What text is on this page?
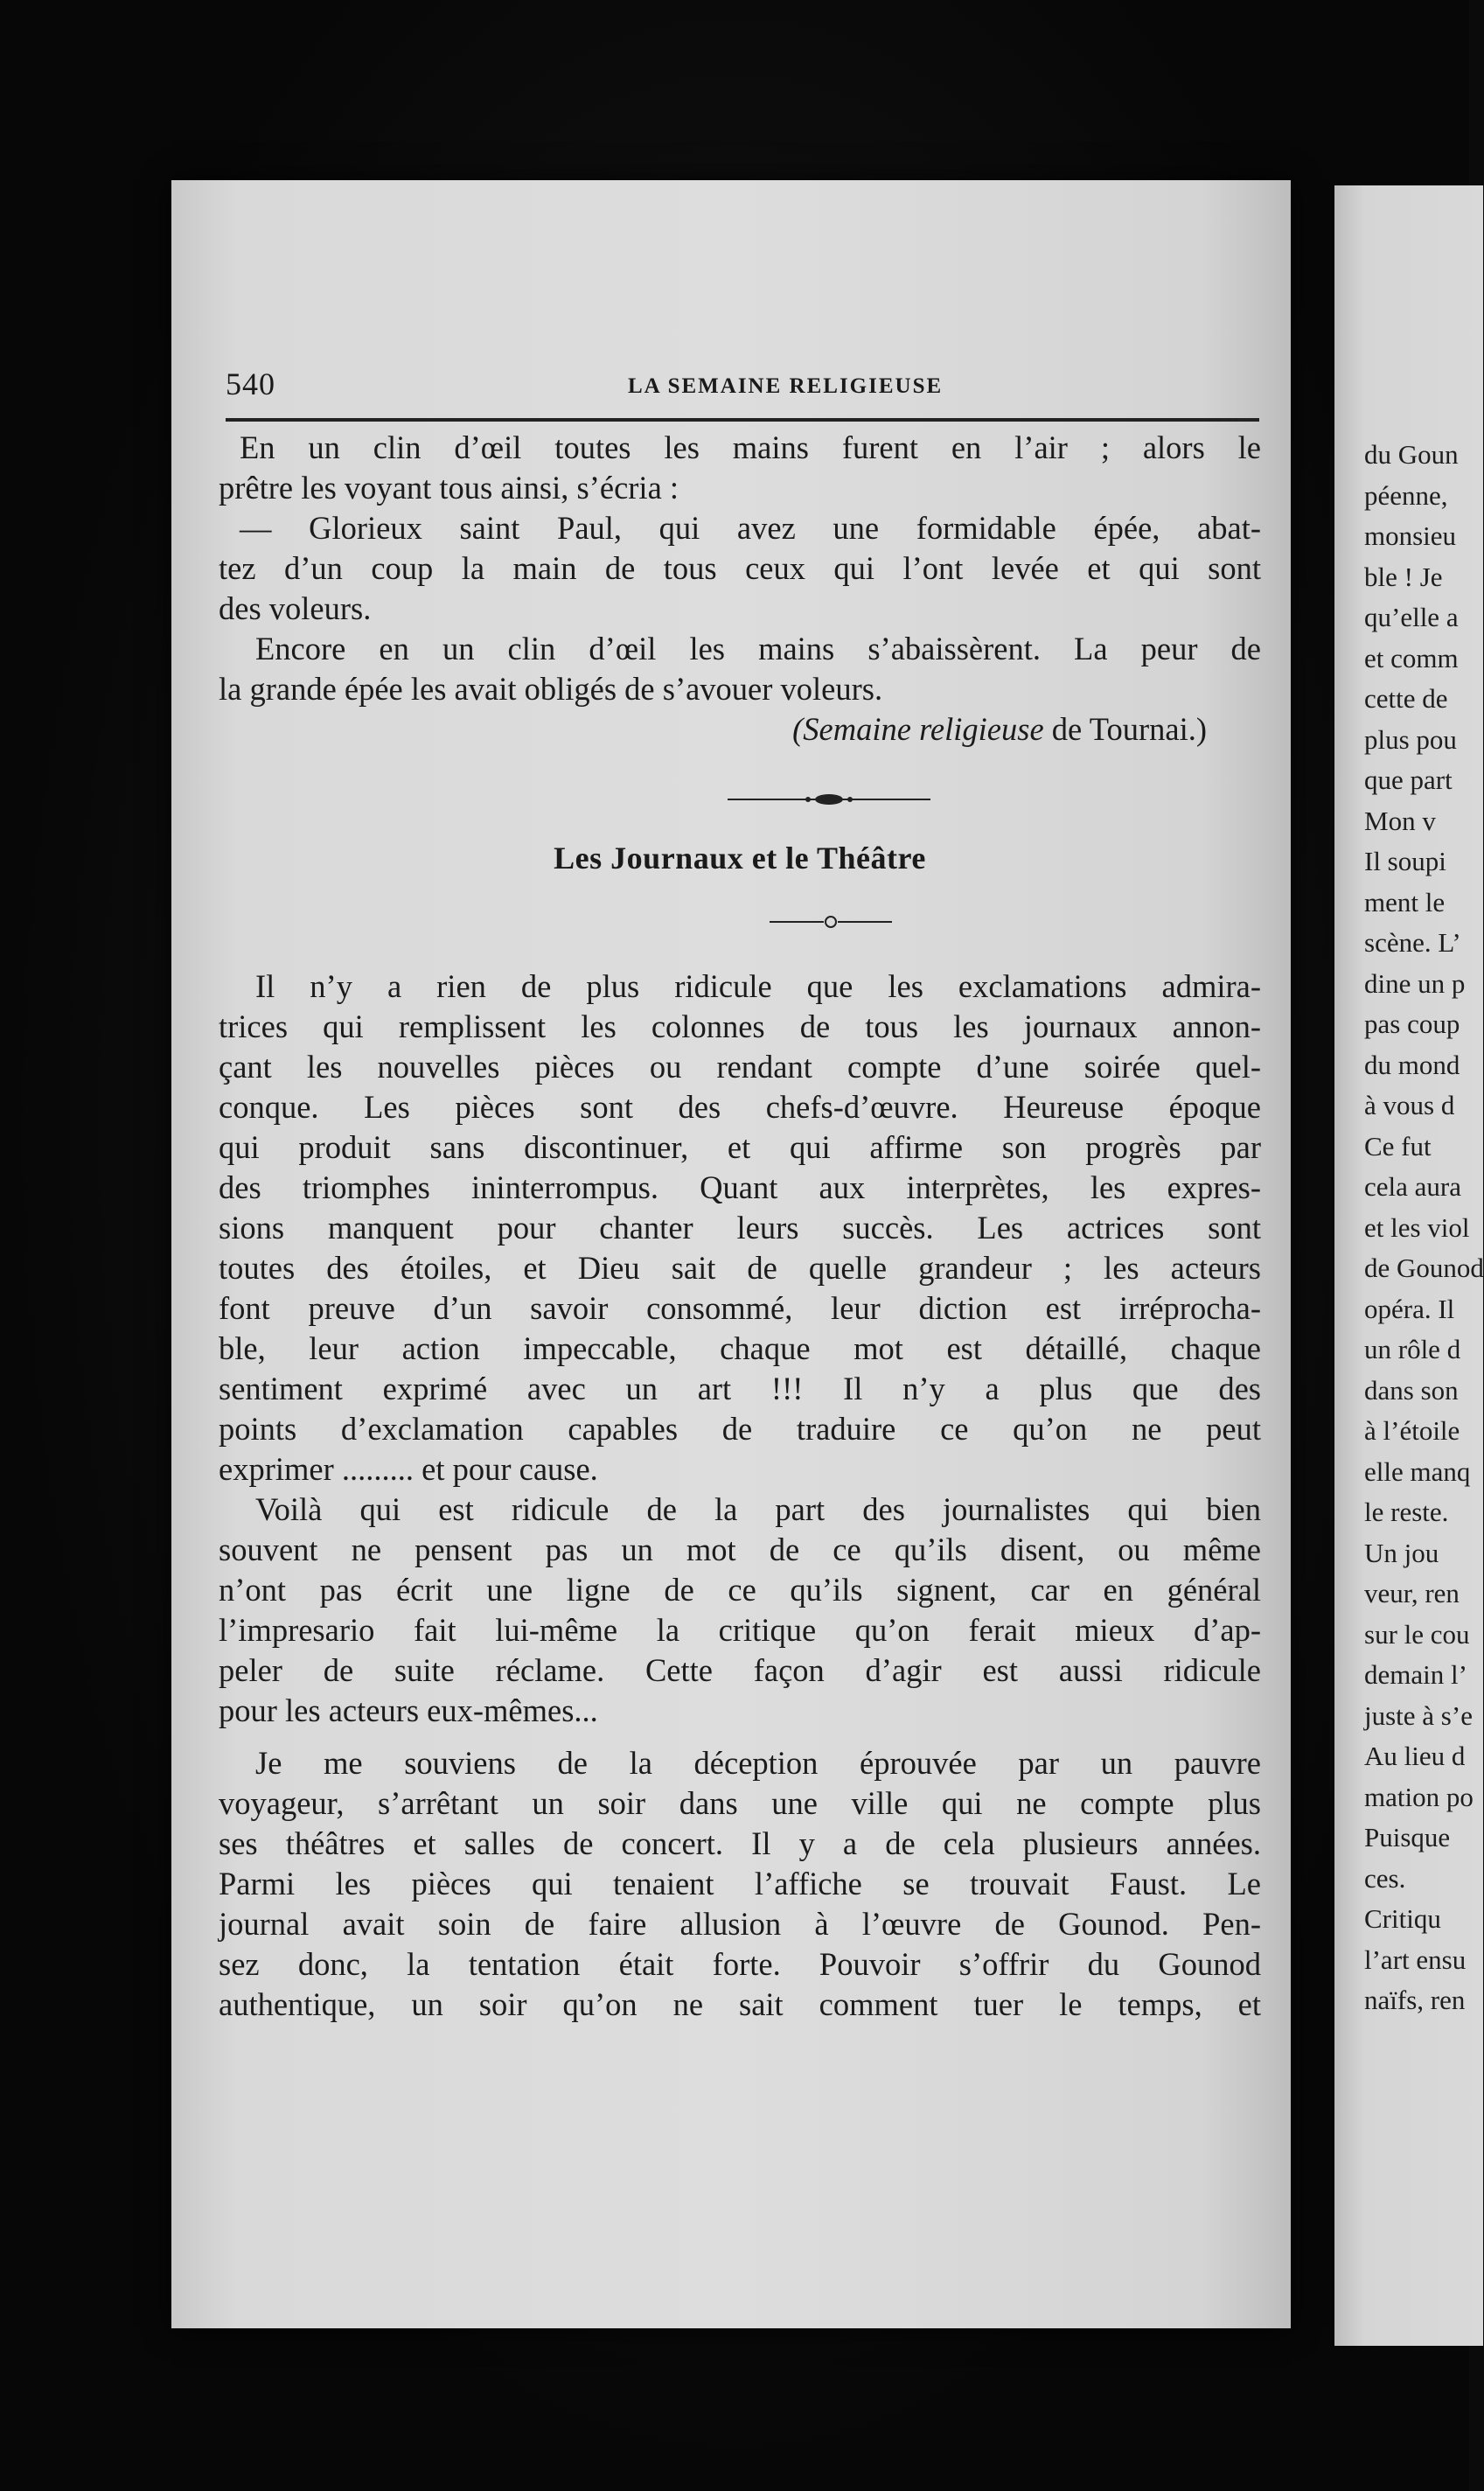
du Goun
péenne,
monsieu
ble ! Je
qu’elle a
et comm
cette de
plus pou
que part
Mon v
Il soupi
ment le
scène. L’
dine un p
pas coup
du mond
à vous d
Ce fut
cela aura
et les viol
de Gounod
opéra. Il
un rôle d
dans son
à l’étoile
elle manq
le reste.
Un jou
veur, ren
sur le cou
demain l’
juste à s’e
Au lieu d
mation po
Puisque
ces.
Critiqu
l’art ensu
naïfs, ren
540	LA SEMAINE RELIGIEUSE
En un clin d’œil toutes les mains furent en l’air ; alors le
prêtre les voyant tous ainsi, s’écria :
— Glorieux saint Paul, qui avez une formidable épée, abat-
tez d’un coup la main de tous ceux qui l’ont levée et qui sont
des voleurs.
Encore en un clin d’œil les mains s’abaissèrent. La peur de
la grande épée les avait obligés de s’avouer voleurs.
(Semaine religieuse de Tournai.)
Les Journaux et le Théâtre
Il n’y a rien de plus ridicule que les exclamations admira-
trices qui remplissent les colonnes de tous les journaux annon-
çant les nouvelles pièces ou rendant compte d’une soirée quel-
conque. Les pièces sont des chefs-d’œuvre. Heureuse époque
qui produit sans discontinuer, et qui affirme son progrès par
des triomphes ininterrompus. Quant aux interprètes, les expres-
sions manquent pour chanter leurs succès. Les actrices sont
toutes des étoiles, et Dieu sait de quelle grandeur ; les acteurs
font preuve d’un savoir consommé, leur diction est irréprocha-
ble, leur action impeccable, chaque mot est détaillé, chaque
sentiment exprimé avec un art !!! Il n’y a plus que des
points d’exclamation capables de traduire ce qu’on ne peut
exprimer ......... et pour cause.
Voilà qui est ridicule de la part des journalistes qui bien
souvent ne pensent pas un mot de ce qu’ils disent, ou même
n’ont pas écrit une ligne de ce qu’ils signent, car en général
l’impresario fait lui-même la critique qu’on ferait mieux d’ap-
peler de suite réclame. Cette façon d’agir est aussi ridicule
pour les acteurs eux-mêmes...
Je me souviens de la déception éprouvée par un pauvre
voyageur, s’arrêtant un soir dans une ville qui ne compte plus
ses théâtres et salles de concert. Il y a de cela plusieurs années.
Parmi les pièces qui tenaient l’affiche se trouvait Faust. Le
journal avait soin de faire allusion à l’œuvre de Gounod. Pen-
sez donc, la tentation était forte. Pouvoir s’offrir du Gounod
authentique, un soir qu’on ne sait comment tuer le temps, et
